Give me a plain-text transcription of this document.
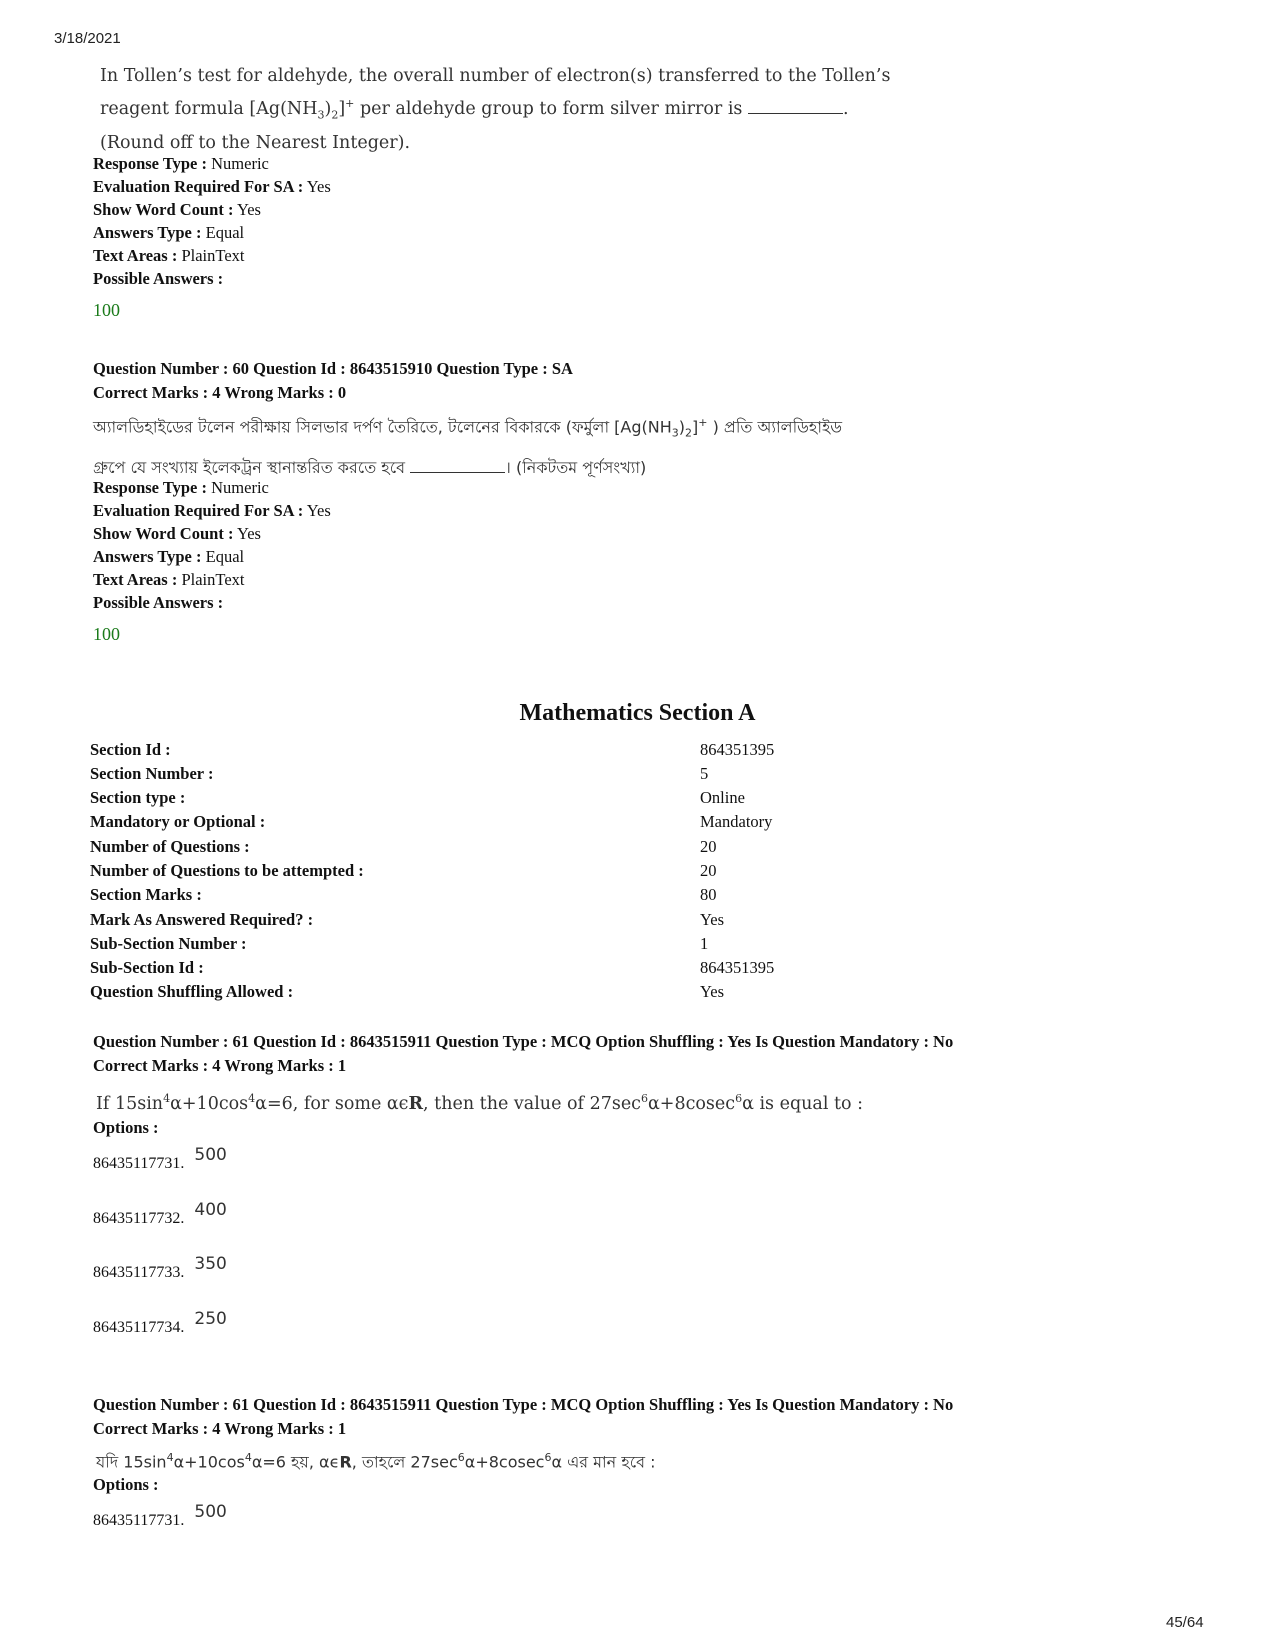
3/18/2021
45/64
In Tollen’s test for aldehyde, the overall number of electron(s) transferred to the Tollen’s
reagent formula $[Ag(NH_3)_2]^+$ per aldehyde group to form silver mirror is	.
(Round off to the Nearest Integer).
Response Type : Numeric
Evaluation Required For SA : Yes
Show Word Count : Yes
Answers Type : Equal
Text Areas : PlainText
Possible Answers :
100
Question Number : 60 Question Id : 8643515910 Question Type : SA
Correct Marks : 4 Wrong Marks : 0
অ্যালডিহাইডের টলেন পরীক্ষায় সিলভার দর্পণ তৈরিতে, টলেনের বিকারকে (ফর্মুলা $[Ag(NH_3)_2]^+$ ) প্রতি অ্যালডিহাইড
গ্রুপে যে সংখ্যায় ইলেকট্রন স্থানান্তরিত করতে হবে	। (নিকটতম পূর্ণসংখ্যা)
Response Type : Numeric
Evaluation Required For SA : Yes
Show Word Count : Yes
Answers Type : Equal
Text Areas : PlainText
Possible Answers :
100
Mathematics Section A
Section Id :	864351395
Section Number :	5
Section type :	Online
Mandatory or Optional :	Mandatory
Number of Questions :	20
Number of Questions to be attempted :	20
Section Marks :	80
Mark As Answered Required? :	Yes
Sub-Section Number :	1
Sub-Section Id :	864351395
Question Shuffling Allowed :	Yes
Question Number : 61 Question Id : 8643515911 Question Type : MCQ Option Shuffling : Yes Is Question Mandatory : No
Correct Marks : 4 Wrong Marks : 1
If $15\sin^4\alpha+10\cos^4\alpha=6$, for some αϵR, then the value of $27\sec^6\alpha+8cosec^6\alpha$ is equal to :
Options :
86435117731. 500
86435117732. 400
86435117733. 350
86435117734. 250
Question Number : 61 Question Id : 8643515911 Question Type : MCQ Option Shuffling : Yes Is Question Mandatory : No
Correct Marks : 4 Wrong Marks : 1
যদি $15\sin^4\alpha+10\cos^4\alpha=6$ হয়, αϵR, তাহলে $27\sec^6\alpha+8cosec^6\alpha$ এর মান হবে :
Options :
86435117731. 500
